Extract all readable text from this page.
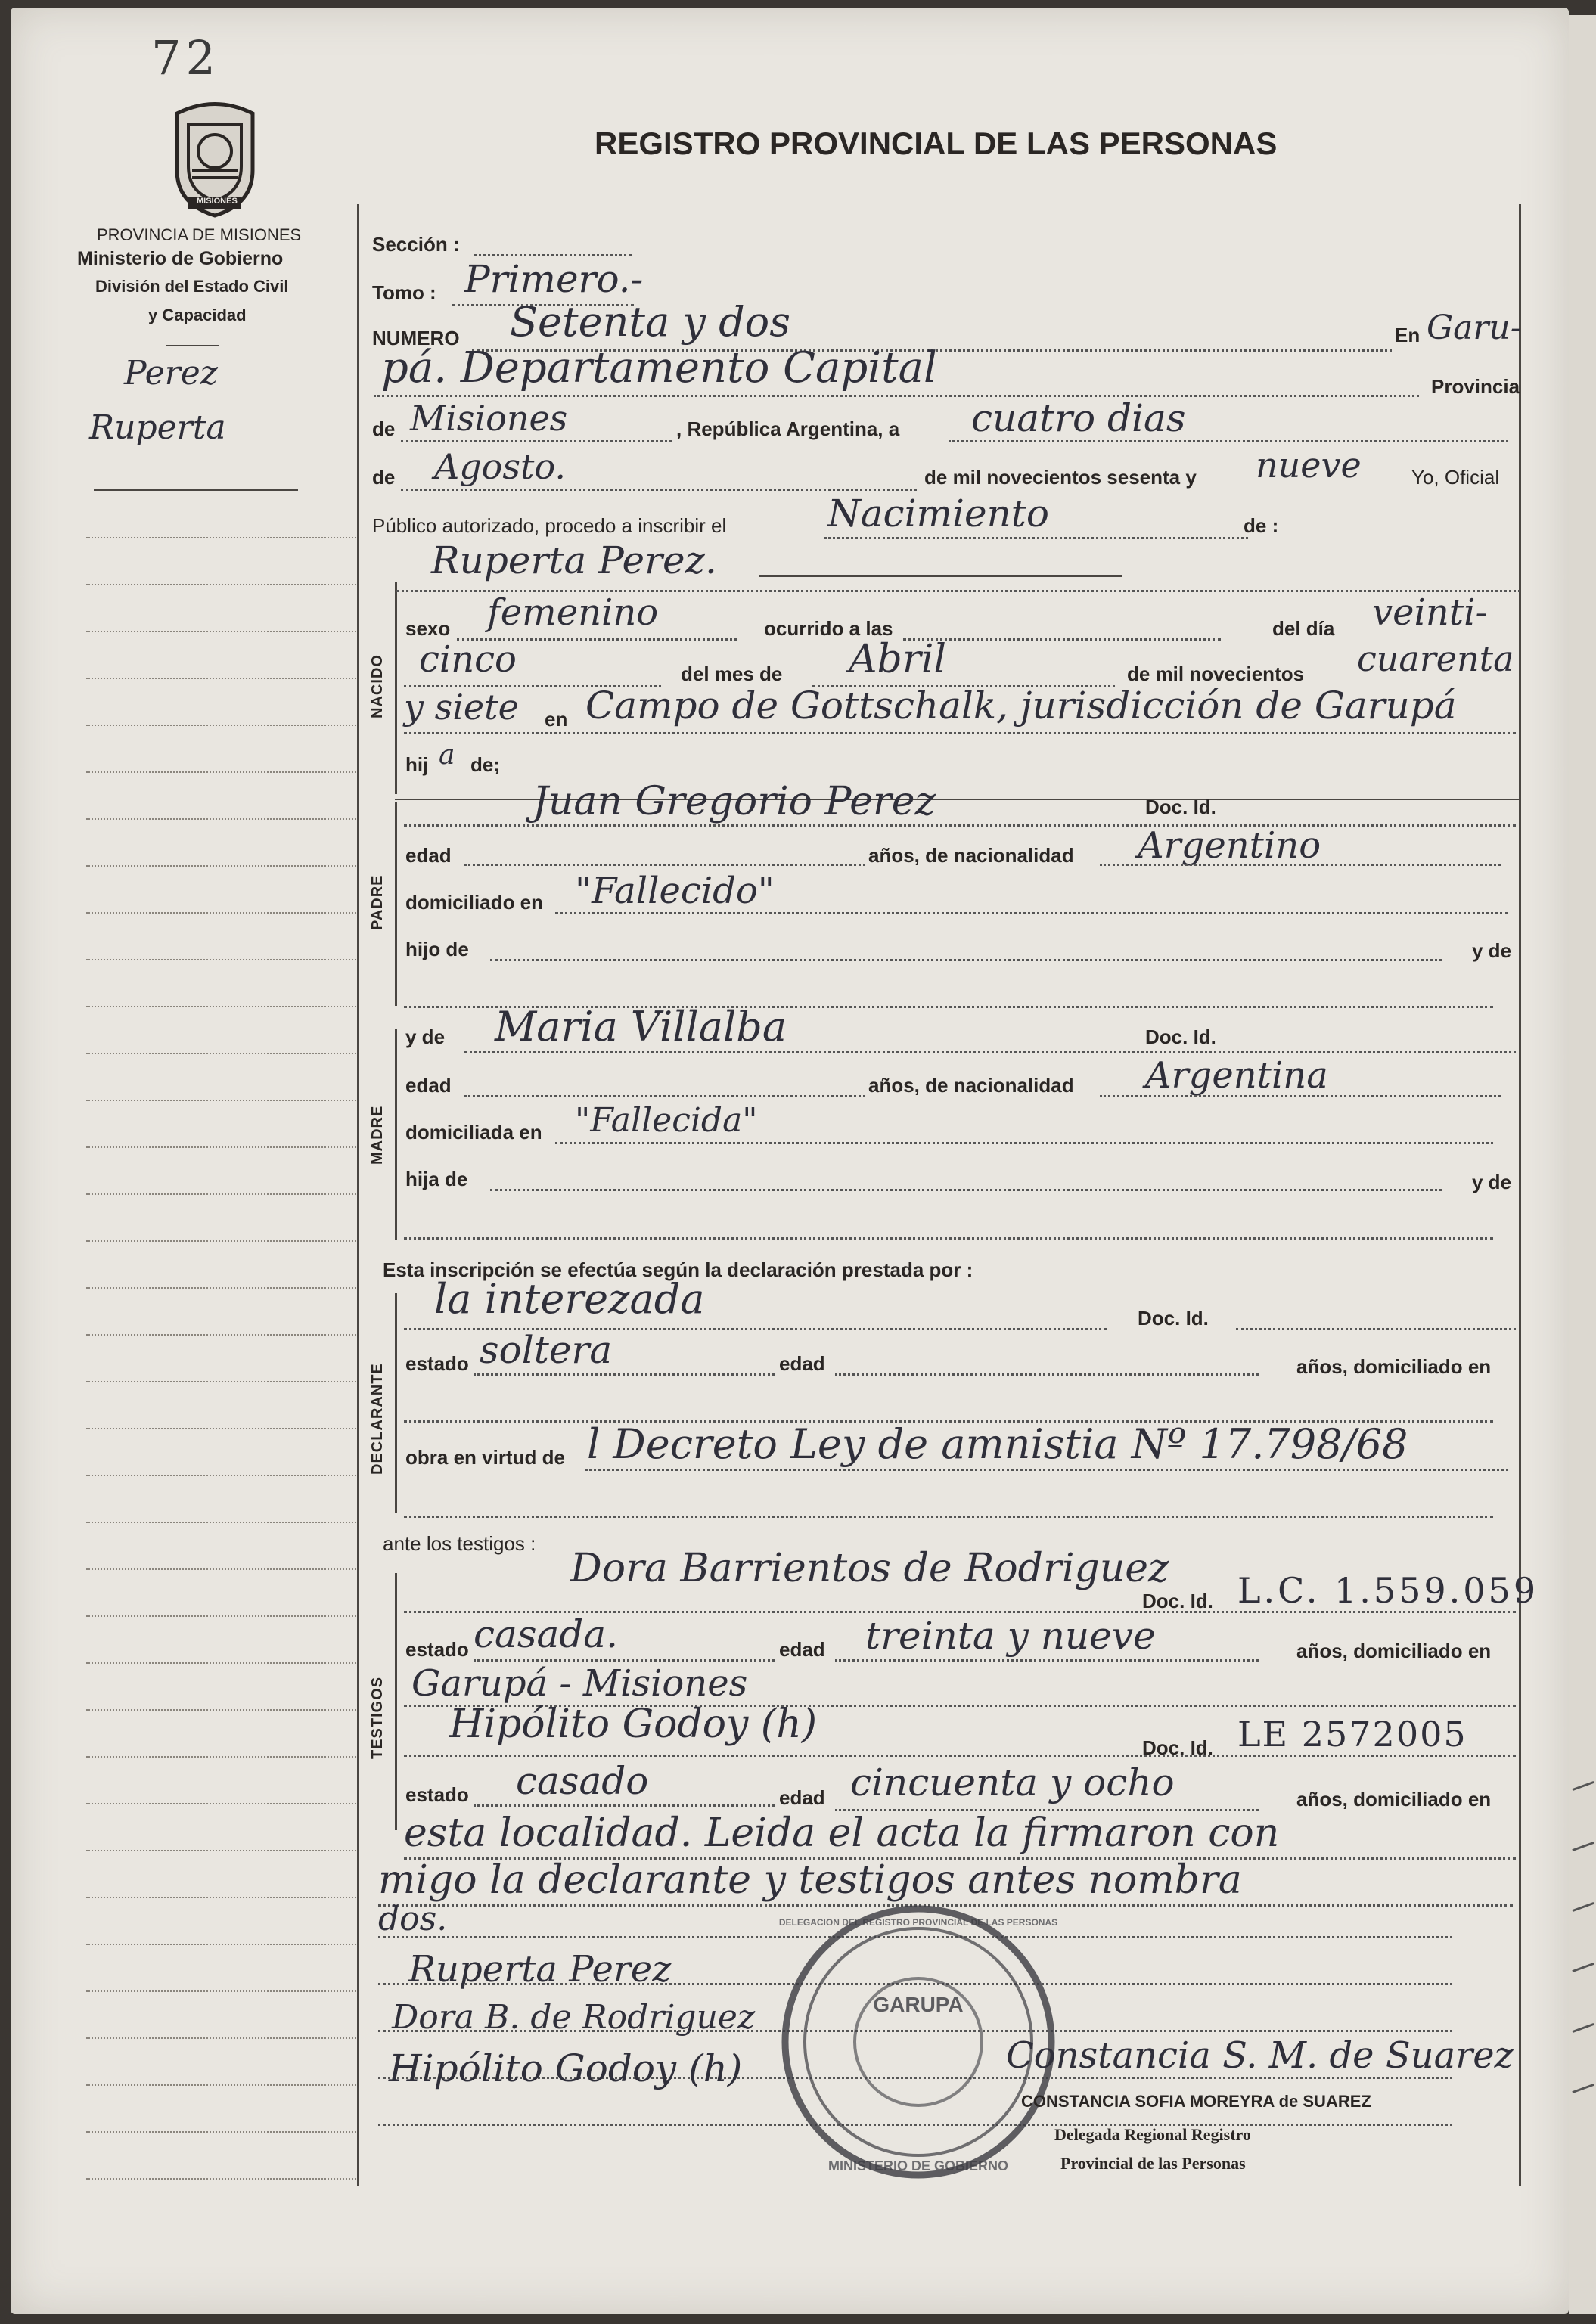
72
MISIONES
REGISTRO PROVINCIAL DE LAS PERSONAS
PROVINCIA DE MISIONES
Ministerio de Gobierno
División del Estado Civil
y Capacidad
Perez
Ruperta
Sección :
Tomo : Primero.-
NUMERO Setenta y dos	En Garu-
pá. Departamento Capital	Provincia
de Misiones	, República Argentina, a cuatro dias
de Agosto.	de mil novecientos sesenta y nueve	Yo, Oficial
Público autorizado, procedo a inscribir el	Nacimiento	de :
NACIDO
Ruperta Perez.
sexo femenino	ocurrido a las	del día veinti-
cinco	del mes de Abril	de mil novecientos cuarenta
y siete en Campo de Gottschalk, jurisdicción de Garupá
hij a de;
PADRE
Juan Gregorio Perez	Doc. Id.
edad	años, de nacionalidad Argentino
domiciliado en "Fallecido"
hijo de	y de
MADRE
y de Maria Villalba	Doc. Id.
edad	años, de nacionalidad Argentina
domiciliada en "Fallecida"
hija de	y de
Esta inscripción se efectúa según la declaración prestada por :
DECLARANTE
la interezada	Doc. Id.
estado soltera	edad	años, domiciliado en
obra en virtud de l Decreto Ley de amnistia Nº 17.798/68
ante los testigos :
TESTIGOS
Dora Barrientos de Rodriguez
Doc. Id. L.C. 1.559.059
estado casada.	edad treinta y nueve	años, domiciliado en
Garupá - Misiones
Hipólito Godoy (h)
Doc. Id. LE 2572005
estado casado	edad cincuenta y ocho	años, domiciliado en
esta localidad. Leida el acta la firmaron con
migo la declarante y testigos antes nombra
dos.
Ruperta Perez
Dora B. de Rodriguez
Hipólito Godoy (h)
GARUPA
MINISTERIO DE GOBIERNO
DELEGACION DEL REGISTRO PROVINCIAL DE LAS PERSONAS
Constancia S. M. de Suarez
CONSTANCIA SOFIA MOREYRA de SUAREZ
Delegada Regional Registro
Provincial de las Personas
